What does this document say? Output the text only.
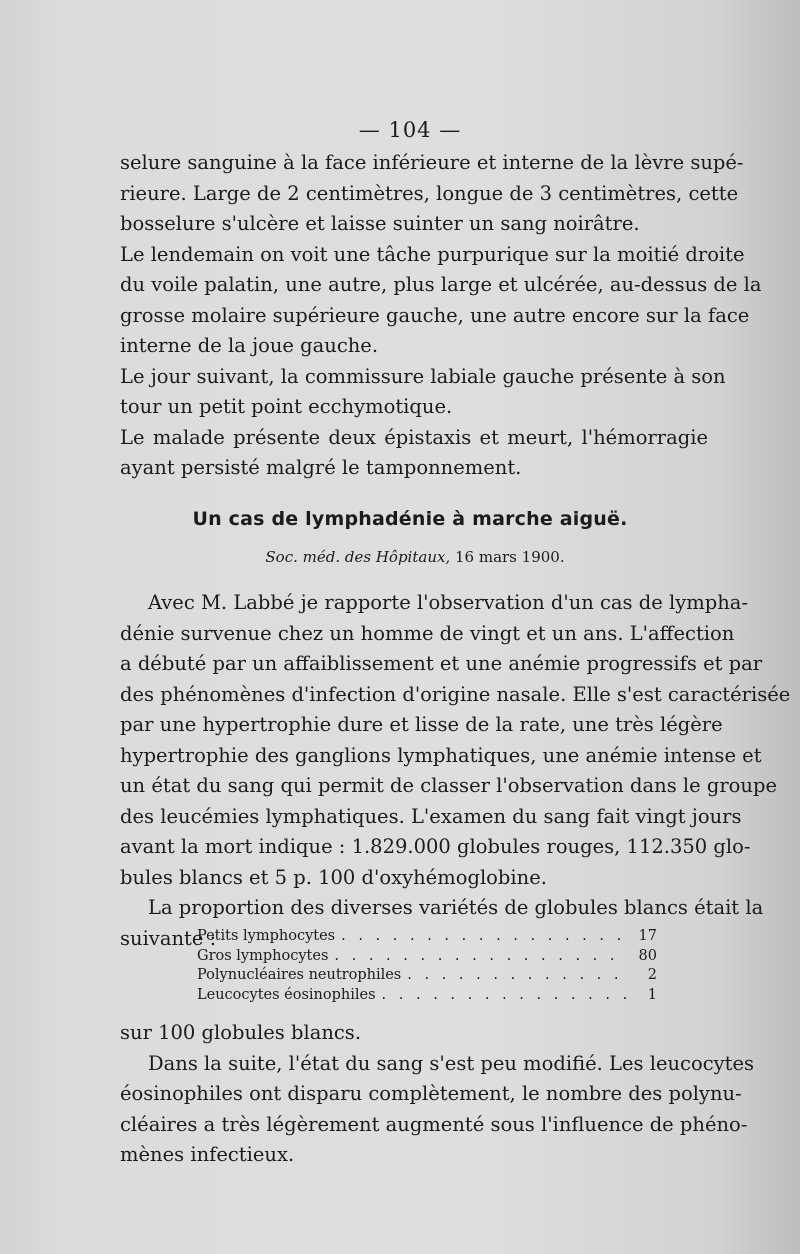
— 104 —
selure sanguine à la face inférieure et interne de la lèvre supé-
rieure. Large de 2 centimètres, longue de 3 centimètres, cette
bosselure s'ulcère et laisse suinter un sang noirâtre.
Le lendemain on voit une tâche purpurique sur la moitié droite
du voile palatin, une autre, plus large et ulcérée, au-dessus de la
grosse molaire supérieure gauche, une autre encore sur la face
interne de la joue gauche.
Le jour suivant, la commissure labiale gauche présente à son
tour un petit point ecchymotique.
Le malade présente deux épistaxis et meurt, l'hémorragie
ayant persisté malgré le tamponnement.
Un cas de lymphadénie à marche aiguë.
Soc. méd. des Hôpitaux, 16 mars 1900.
Avec M. Labbé je rapporte l'observation d'un cas de lympha-
dénie survenue chez un homme de vingt et un ans. L'affection
a débuté par un affaiblissement et une anémie progressifs et par
des phénomènes d'infection d'origine nasale. Elle s'est caractérisée
par une hypertrophie dure et lisse de la rate, une très légère
hypertrophie des ganglions lymphatiques, une anémie intense et
un état du sang qui permit de classer l'observation dans le groupe
des leucémies lymphatiques. L'examen du sang fait vingt jours
avant la mort indique : 1.829.000 globules rouges, 112.350 glo-
bules blancs et 5 p. 100 d'oxyhémoglobine.
La proportion des diverses variétés de globules blancs était la
suivante :
Petits lymphocytes . . .	17
Gros lymphocytes . . .	80
Polynucléaires neutrophiles . . .	2
Leucocytes éosinophiles . . .	1
sur 100 globules blancs.
Dans la suite, l'état du sang s'est peu modifié. Les leucocytes
éosinophiles ont disparu complètement, le nombre des polynu-
cléaires a très légèrement augmenté sous l'influence de phéno-
mènes infectieux.
